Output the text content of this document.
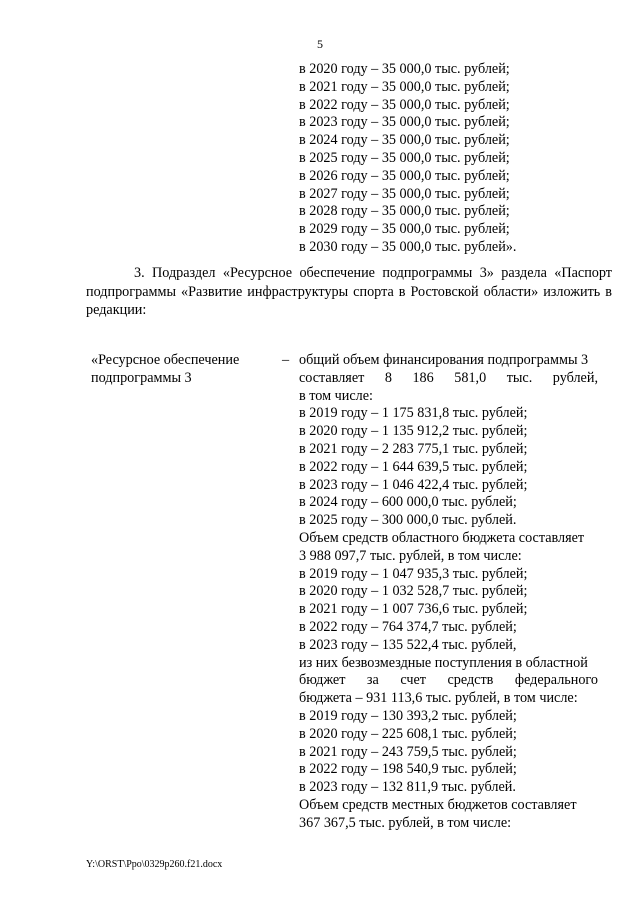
5
в 2020 году – 35 000,0 тыс. рублей;
в 2021 году – 35 000,0 тыс. рублей;
в 2022 году – 35 000,0 тыс. рублей;
в 2023 году – 35 000,0 тыс. рублей;
в 2024 году – 35 000,0 тыс. рублей;
в 2025 году – 35 000,0 тыс. рублей;
в 2026 году – 35 000,0 тыс. рублей;
в 2027 году – 35 000,0 тыс. рублей;
в 2028 году – 35 000,0 тыс. рублей;
в 2029 году – 35 000,0 тыс. рублей;
в 2030 году – 35 000,0 тыс. рублей».

3. Подраздел «Ресурсное обеспечение подпрограммы 3» раздела «Паспорт подпрограммы «Развитие инфраструктуры спорта в Ростовской области» изложить в редакции:

«Ресурсное обеспечение
подпрограммы 3
– общий объем финансирования подпрограммы 3
составляет 8 186 581,0 тыс. рублей,
в том числе:
в 2019 году – 1 175 831,8 тыс. рублей;
в 2020 году – 1 135 912,2 тыс. рублей;
в 2021 году – 2 283 775,1 тыс. рублей;
в 2022 году – 1 644 639,5 тыс. рублей;
в 2023 году – 1 046 422,4 тыс. рублей;
в 2024 году – 600 000,0 тыс. рублей;
в 2025 году – 300 000,0 тыс. рублей.
Объем средств областного бюджета составляет
3 988 097,7 тыс. рублей, в том числе:
в 2019 году – 1 047 935,3 тыс. рублей;
в 2020 году – 1 032 528,7 тыс. рублей;
в 2021 году – 1 007 736,6 тыс. рублей;
в 2022 году – 764 374,7 тыс. рублей;
в 2023 году – 135 522,4 тыс. рублей,
из них безвозмездные поступления в областной
бюджет за счет средств федерального
бюджета – 931 113,6 тыс. рублей, в том числе:
в 2019 году – 130 393,2 тыс. рублей;
в 2020 году – 225 608,1 тыс. рублей;
в 2021 году – 243 759,5 тыс. рублей;
в 2022 году – 198 540,9 тыс. рублей;
в 2023 году – 132 811,9 тыс. рублей.
Объем средств местных бюджетов составляет
367 367,5 тыс. рублей, в том числе:
Y:\ORST\Ppo\0329p260.f21.docx
